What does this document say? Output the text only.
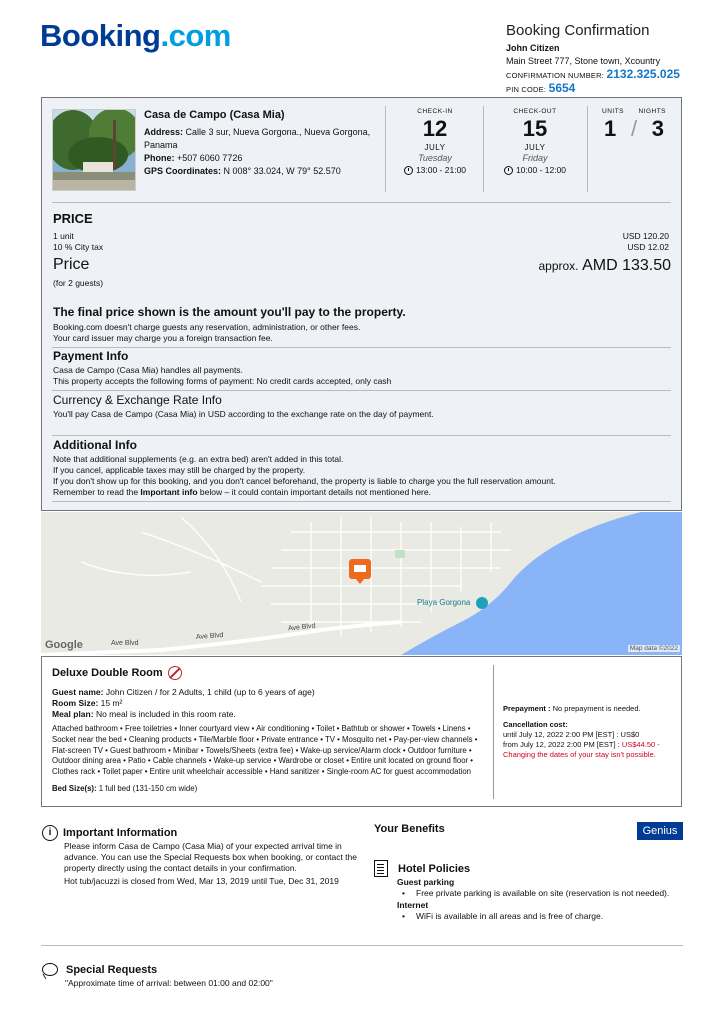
Booking.com	Booking Confirmation
John Citizen
Main Street 777, Stone town, Xcountry
CONFIRMATION NUMBER: 2132.325.025
PIN CODE: 5654
Casa de Campo (Casa Mia)
Address: Calle 3 sur, Nueva Gorgona., Nueva Gorgona, Panama
Phone: +507 6060 7726
GPS Coordinates: N 008° 33.024, W 79° 52.570
CHECK-IN
12
JULY
Tuesday
13:00 - 21:00
CHECK-OUT
15
JULY
Friday
10:00 - 12:00
UNITS NIGHTS
1 / 3
PRICE
1 unit	USD 120.20
10 % City tax	USD 12.02
Price	approx. AMD 133.50
(for 2 guests)
The final price shown is the amount you'll pay to the property.
Booking.com doesn't charge guests any reservation, administration, or other fees.
Your card issuer may charge you a foreign transaction fee.
Payment Info
Casa de Campo (Casa Mia) handles all payments.
This property accepts the following forms of payment: No credit cards accepted, only cash
Currency & Exchange Rate Info
You'll pay Casa de Campo (Casa Mia) in USD according to the exchange rate on the day of payment.
Additional Info
Note that additional supplements (e.g. an extra bed) aren't added in this total.
If you cancel, applicable taxes may still be charged by the property.
If you don't show up for this booking, and you don't cancel beforehand, the property is liable to charge you the full reservation amount.
Remember to read the Important info below – it could contain important details not mentioned here.
Ave Blvd
Ave Blvd
Ave Blvd
Playa Gorgona
Google	Map data ©2022
Deluxe Double Room
Guest name: John Citizen / for 2 Adults, 1 child (up to 6 years of age)
Room Size: 15 m²
Meal plan: No meal is included in this room rate.
Attached bathroom • Free toiletries • Inner courtyard view • Air conditioning • Toilet • Bathtub or shower • Towels • Linens • Socket near the bed • Cleaning products • Tile/Marble floor • Private entrance • TV • Mosquito net • Pay-per-view channels • Flat-screen TV • Guest bathroom • Minibar • Towels/Sheets (extra fee) • Wake-up service/Alarm clock • Outdoor furniture • Outdoor dining area • Patio • Cable channels • Wake-up service • Wardrobe or closet • Entire unit located on ground floor • Clothes rack • Toilet paper • Entire unit wheelchair accessible • Hand sanitizer • Single-room AC for guest accommodation
Bed Size(s): 1 full bed (131-150 cm wide)
Prepayment : No prepayment is needed.
Cancellation cost:
until July 12, 2022 2:00 PM [EST] : US$0
from July 12, 2022 2:00 PM [EST] : US$44.50 -
Changing the dates of your stay isn't possible.
i	Important Information
Please inform Casa de Campo (Casa Mia) of your expected arrival time in advance. You can use the Special Requests box when booking, or contact the property directly using the contact details in your confirmation.
Hot tub/jacuzzi is closed from Wed, Mar 13, 2019 until Tue, Dec 31, 2019
Your Benefits	Genius
Hotel Policies
Guest parking
•	Free private parking is available on site (reservation is not needed).
Internet
•	WiFi is available in all areas and is free of charge.
Special Requests
"Approximate time of arrival: between 01:00 and 02:00"
